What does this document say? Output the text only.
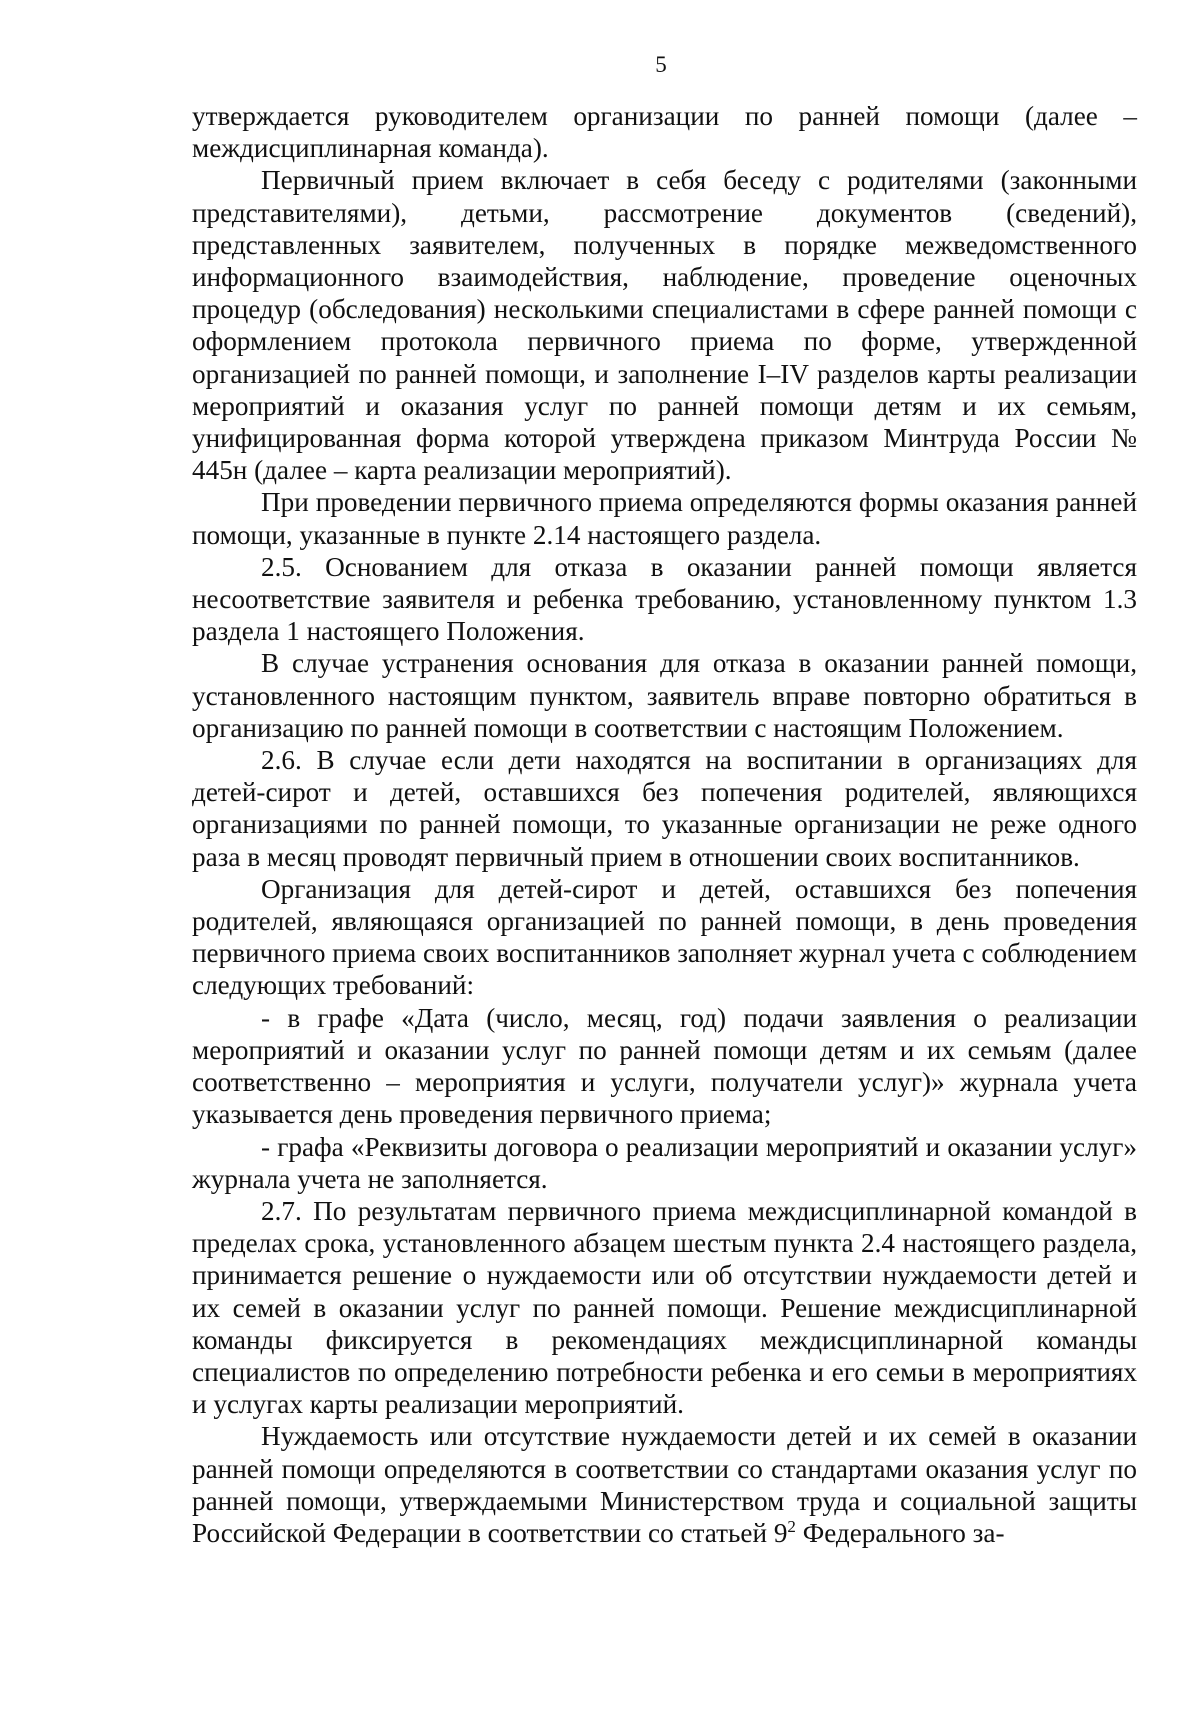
5

утверждается руководителем организации по ранней помощи (далее – междисциплинарная команда).

Первичный прием включает в себя беседу с родителями (законными представителями), детьми, рассмотрение документов (сведений), представленных заявителем, полученных в порядке межведомственного информационного взаимодействия, наблюдение, проведение оценочных процедур (обследования) несколькими специалистами в сфере ранней помощи с оформлением протокола первичного приема по форме, утвержденной организацией по ранней помощи, и заполнение I–IV разделов карты реализации мероприятий и оказания услуг по ранней помощи детям и их семьям, унифицированная форма которой утверждена приказом Минтруда России № 445н (далее – карта реализации мероприятий).

При проведении первичного приема определяются формы оказания ранней помощи, указанные в пункте 2.14 настоящего раздела.

2.5. Основанием для отказа в оказании ранней помощи является несоответствие заявителя и ребенка требованию, установленному пунктом 1.3 раздела 1 настоящего Положения.

В случае устранения основания для отказа в оказании ранней помощи, установленного настоящим пунктом, заявитель вправе повторно обратиться в организацию по ранней помощи в соответствии с настоящим Положением.

2.6. В случае если дети находятся на воспитании в организациях для детей-сирот и детей, оставшихся без попечения родителей, являющихся организациями по ранней помощи, то указанные организации не реже одного раза в месяц проводят первичный прием в отношении своих воспитанников.

Организация для детей-сирот и детей, оставшихся без попечения родителей, являющаяся организацией по ранней помощи, в день проведения первичного приема своих воспитанников заполняет журнал учета с соблюдением следующих требований:

- в графе «Дата (число, месяц, год) подачи заявления о реализации мероприятий и оказании услуг по ранней помощи детям и их семьям (далее соответственно – мероприятия и услуги, получатели услуг)» журнала учета указывается день проведения первичного приема;

- графа «Реквизиты договора о реализации мероприятий и оказании услуг» журнала учета не заполняется.

2.7. По результатам первичного приема междисциплинарной командой в пределах срока, установленного абзацем шестым пункта 2.4 настоящего раздела, принимается решение о нуждаемости или об отсутствии нуждаемости детей и их семей в оказании услуг по ранней помощи. Решение междисциплинарной команды фиксируется в рекомендациях междисциплинарной команды специалистов по определению потребности ребенка и его семьи в мероприятиях и услугах карты реализации мероприятий.

Нуждаемость или отсутствие нуждаемости детей и их семей в оказании ранней помощи определяются в соответствии со стандартами оказания услуг по ранней помощи, утверждаемыми Министерством труда и социальной защиты Российской Федерации в соответствии со статьей $9^2$ Федерального за-
